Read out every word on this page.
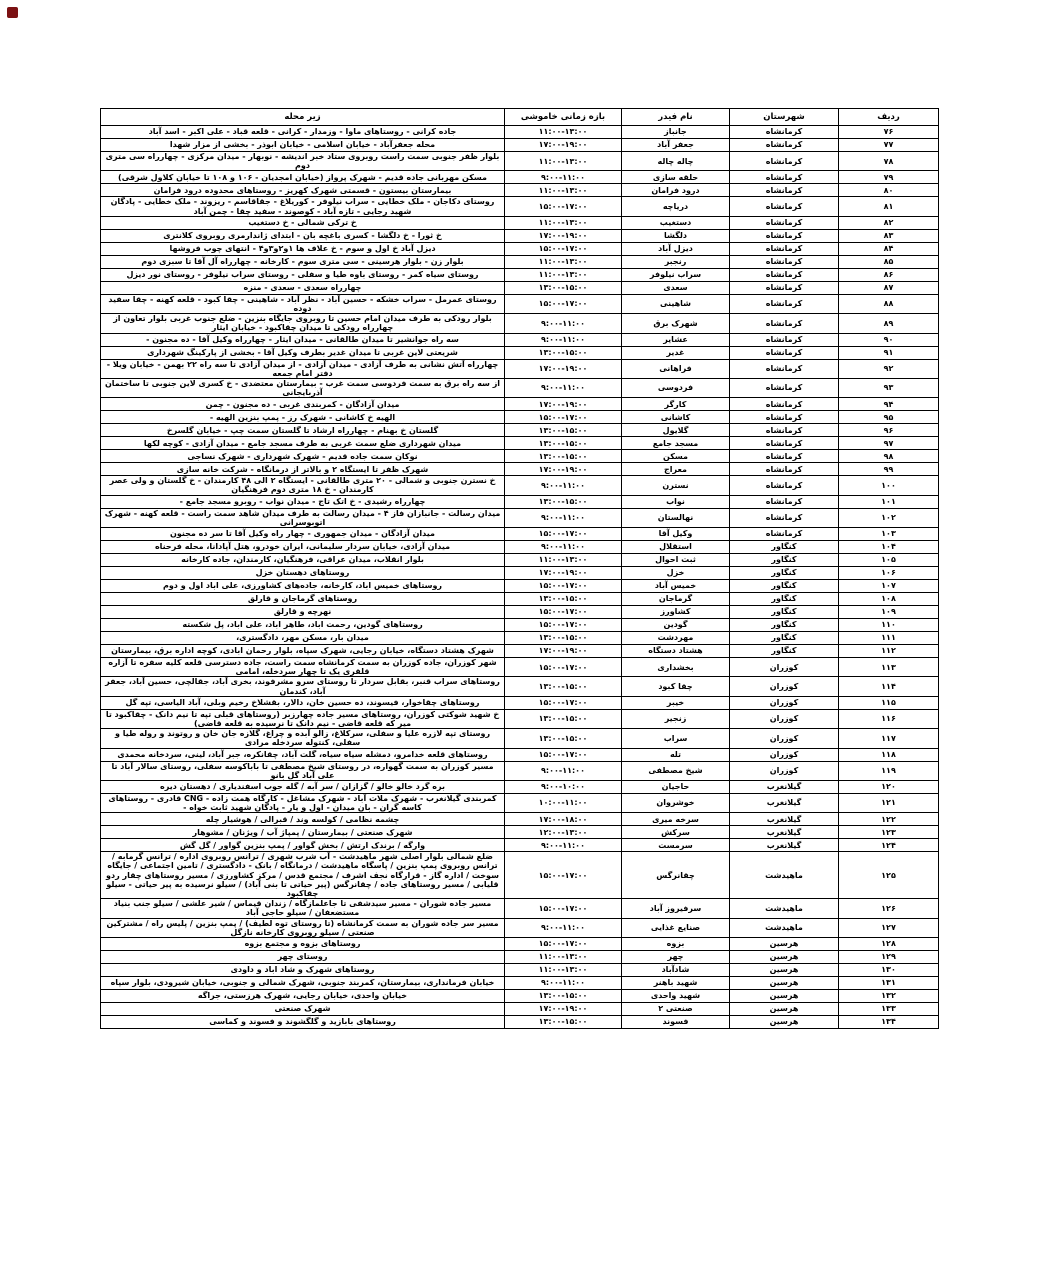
ردیف	شهرستان	نام فیدر	بازه زمانی خاموشی	زیر محله
۷۶	کرمانشاه	جانباز	۱۱:۰۰-۱۳:۰۰	جاده کرانی - روستاهای ماوا - وزمدار - کرانی - قلعه قباد - علی اکبر - اسد آباد
۷۷	کرمانشاه	جعفر آباد	۱۷:۰۰-۱۹:۰۰	محله جعفرآباد - خیابان اسلامی - خیابان ابوذر - بخشی از مزار شهدا
۷۸	کرمانشاه	چاله چاله	۱۱:۰۰-۱۳:۰۰	بلوار ظفر جنوبی سمت راست روبروی ستاد خبر اندیشه - نوبهار - میدان مرکزی - چهارراه سی متری دوم
۷۹	کرمانشاه	حلقه سازی	۹:۰۰-۱۱:۰۰	مسکن مهربانی جاده قدیم - شهرک پرواز (خیابان امجدیان - ۱۰۶ و ۱۰۸ تا خیابان کلاول شرقی)
۸۰	کرمانشاه	درود فرامان	۱۱:۰۰-۱۳:۰۰	بیمارستان بیستون - قسمتی شهرک کهریز - روستاهای محدوده درود فرامان
۸۱	کرمانشاه	دریاچه	۱۵:۰۰-۱۷:۰۰	روستای دکاجان - ملک خطایی - سراب نیلوفر - کوریلاغ - جقاقاسم - ریزوند - ملک خطایی - پادگان شهید رجایی - تازه آباد - کوصوند - سفید چقا - چمن آباد
۸۲	کرمانشاه	دستغیب	۱۱:۰۰-۱۳:۰۰	خ ترکی شمالی - خ دستغیب
۸۳	کرمانشاه	دلگشا	۱۷:۰۰-۱۹:۰۰	خ ثورا - خ دلگشا - کسری باغچه بان - ابتدای ژاندارمری روبروی کلانتری
۸۴	کرمانشاه	دیزل آباد	۱۵:۰۰-۱۷:۰۰	دیزل آباد خ اول و سوم - خ علاف ها ۱و۲و۳و۴ - انتهای چوب فروشها
۸۵	کرمانشاه	رنجبر	۱۱:۰۰-۱۳:۰۰	بلوار زن - بلوار هرسینی - سی متری سوم - کارخانه - چهارراه آل آقا تا سبزی دوم
۸۶	کرمانشاه	سراب نیلوفر	۱۱:۰۰-۱۳:۰۰	روستای سیاه کمر - روستای باوه طیا و سفلی - روستای سراب نیلوفر - روستای نور دیزل
۸۷	کرمانشاه	سعدی	۱۳:۰۰-۱۵:۰۰	چهارراه سعدی - سعدی - منزه
۸۸	کرمانشاه	شاهینی	۱۵:۰۰-۱۷:۰۰	روستای عمرمل - سراب خشکه - حسین آباد - نظر آباد - شاهینی - چقا کبود - قلعه کهنه - چقا سفید دوده
۸۹	کرمانشاه	شهرک برق	۹:۰۰-۱۱:۰۰	بلوار رودکی به طرف میدان امام حسین تا روبروی جایگاه بنزین - ضلع جنوب غربی بلوار تعاون از چهارراه رودکی تا میدان چقاکبود - خیابان ایثار
۹۰	کرمانشاه	عشایر	۹:۰۰-۱۱:۰۰	سه راه جوانشیر تا میدان طالقانی - میدان ایثار - چهارراه وکیل آقا - ده مجنون -
۹۱	کرمانشاه	غدیر	۱۳:۰۰-۱۵:۰۰	شریعتی لاین غربی تا میدان غدیر بطرف وکیل آقا - بخشی از پارکینگ شهرداری
۹۲	کرمانشاه	فراهانی	۱۷:۰۰-۱۹:۰۰	چهارراه آتش نشانی به طرف آزادی - میدان آزادی - از میدان آزادی تا سه راه ۲۲ بهمن - خیابان ویلا - دفتر امام جمعه
۹۳	کرمانشاه	فردوسی	۹:۰۰-۱۱:۰۰	از سه راه برق به سمت فردوسی سمت غرب - بیمارستان معتضدی - خ کسری لاین جنوبی تا ساختمان آذربایجانی
۹۴	کرمانشاه	کارگر	۱۷:۰۰-۱۹:۰۰	میدان آزادگان - کمربندی غربی - ده مجنون - چمن
۹۵	کرمانشاه	کاشانی	۱۵:۰۰-۱۷:۰۰	الهیه خ کاشانی - شهرک رز - پمپ بنزین الهیه -
۹۶	کرمانشاه	گلایول	۱۳:۰۰-۱۵:۰۰	گلستان خ بهنام - چهارراه ارشاد تا گلستان سمت چپ - خیابان گلسرخ
۹۷	کرمانشاه	مسجد جامع	۱۳:۰۰-۱۵:۰۰	میدان شهرداری ضلع سمت غربی به طرف مسجد جامع - میدان آزادی - کوچه لکها
۹۸	کرمانشاه	مسکن	۱۳:۰۰-۱۵:۰۰	نوکان سمت جاده قدیم - شهرک شهرداری - شهرک نساجی
۹۹	کرمانشاه	معراج	۱۷:۰۰-۱۹:۰۰	شهرک ظفر تا ایستگاه ۲ و بالاتر از درمانگاه - شرکت خانه سازی
۱۰۰	کرمانشاه	نسترن	۹:۰۰-۱۱:۰۰	خ نسترن جنوبی و شمالی - ۲۰ متری طالقانی - ایستگاه ۲ الی ۴۸ کارمندان - خ گلستان و ولی عصر کارمندان - خ ۱۸ متری دوم فرهنگیان
۱۰۱	کرمانشاه	نواب	۱۳:۰۰-۱۵:۰۰	چهارراه رشیدی - خ اتک تاج - میدان نواب - روبرو مسجد جامع -
۱۰۲	کرمانشاه	نهالستان	۹:۰۰-۱۱:۰۰	میدان رسالت - جانبازان فاز ۴ - میدان رسالت به طرف میدان شاهد سمت راست - قلعه کهنه - شهرک اتوبوسرانی
۱۰۳	کرمانشاه	وکیل آقا	۱۵:۰۰-۱۷:۰۰	میدان آزادگان - میدان جمهوری - چهار راه وکیل آقا تا سر ده مجنون
۱۰۴	کنگاور	استقلال	۹:۰۰-۱۱:۰۰	میدان آزادی، خیابان سردار سلیمانی، ایران خودرو، هتل آپادانا، محله فرحناه
۱۰۵	کنگاور	ثبت احوال	۱۱:۰۰-۱۳:۰۰	بلوار انقلاب، میدان عراقی، فرهنگیان، کارمندان، جاده کارخانه
۱۰۶	کنگاور	خزل	۱۷:۰۰-۱۹:۰۰	روستاهای دهستان خزل
۱۰۷	کنگاور	خمیس آباد	۱۵:۰۰-۱۷:۰۰	روستاهای خمیس اباد، کارخانه، جاده‌های کشاورزی، علی اباد اول و دوم
۱۰۸	کنگاور	گرماجان	۱۳:۰۰-۱۵:۰۰	روستاهای گرماجان و قارلق
۱۰۹	کنگاور	کشاورز	۱۵:۰۰-۱۷:۰۰	نهرچه و قارلق
۱۱۰	کنگاور	گودین	۱۵:۰۰-۱۷:۰۰	روستاهای گودین، رحمت اباد، طاهر اباد، علی اباد، پل شکسته
۱۱۱	کنگاور	مهردشت	۱۳:۰۰-۱۵:۰۰	میدان بار، مسکن مهر، دادگستری،
۱۱۲	کنگاور	هشتاد دستگاه	۱۷:۰۰-۱۹:۰۰	شهرک هشتاد دستگاه، خیابان رجایی، شهرک سپاه، بلوار رحمان ابادی، کوچه اداره برق، بیمارستان
۱۱۳	کوزران	بخشداری	۱۵:۰۰-۱۷:۰۰	شهر کوزران، جاده کوزران به سمت کرمانشاه سمت راست، جاده دسترسی قلعه کلیه سفره تا آزاره قلقری یک تا چهار سردخله، امامی
۱۱۴	کوزران	چقا کبود	۱۳:۰۰-۱۵:۰۰	روستاهای سراب قنبر، بقابل سردار تا روستای سرو مشرفوند، بخری آباد، جقالچی، حسین آباد، جعفر آباد، کندمان
۱۱۵	کوزران	خیبر	۱۵:۰۰-۱۷:۰۰	روستاهای چقاخوار، فیسوند، ده حسین خان، دالار، بقشلاخ رخیم وبلی، آباد الیاسی، تپه گل
۱۱۶	کوزران	زنجیر	۱۳:۰۰-۱۵:۰۰	خ شهید شوکتی کوزران، روستاهای مسیر جاده چهارزبر (روستاهای قبلی تپه تا نیم دانک - چقاکبود تا میر که قلعه قاضی - نیم دانک تا نرسیده به قلعه قاضی)
۱۱۷	کوزران	سراب	۱۳:۰۰-۱۵:۰۰	روستای تپه لازره علیا و سفلی، سرکلاغ، زالو آبده و چراغ، گلازه جان خان و روتوند و روله طیا و سفلی، کنتوله سردخله مرادی
۱۱۸	کوزران	تله	۱۵:۰۰-۱۷:۰۰	روستاهای قلعه خدامرو، دمشله سیاه سیاه، گلت آباد، چقانکره، جبر آباد، لینی، سردخانه محمدی
۱۱۹	کوزران	شیخ مصطفی	۹:۰۰-۱۱:۰۰	مسیر کوزران به سمت گهواره، در روستای شیخ مصطفی تا باباکوسه سفلی، روستای سالار آباد تا علی آباد گل بانو
۱۲۰	گیلانغرب	حاجیان	۹:۰۰-۱۰:۰۰	بره گرد خالو خالو / گزازان / سر آبه / گله جوب اسفندیاری / دهستان دیره
۱۲۱	گیلانغرب	خوشروان	۱۰:۰۰-۱۱:۰۰	کمربندی گیلانغرب - شهرک ملات آباد - شهرک مشاغل - کارگاه همت زاده - CNG قادری - روستاهای کاسه گران - بان میدان - اول و یار - پادگان شهید ثابت خواه -
۱۲۲	گیلانغرب	سرخه میری	۱۷:۰۰-۱۸:۰۰	چشمه نظامی / کولسه وند / قبرالی / هوشیار چله
۱۲۳	گیلانغرب	سرکش	۱۲:۰۰-۱۳:۰۰	شهرک صنعتی / بیمارستان / پمپاژ آب / ویژنان / مشوهار
۱۲۴	گیلانغرب	سرمست	۹:۰۰-۱۱:۰۰	وارگه / برندک ارتش / بخش گواور / پمپ بنزین گواور / گل گش
۱۲۵	ماهیدشت	چقانرگس	۱۵:۰۰-۱۷:۰۰	ضلع شمالی بلوار اصلی شهر ماهیدشت - آب شرب شهری / ترانس روبروی اداره / ترانس گرمابه / ترانس روبروی پمپ بنزین / پاسگاه ماهیدشت / درمانگاه / بانک - دادگستری / تامین اجتماعی / جایگاه سوخت / اداره گاز - قرارگاه نجف اشرف / مجتمع قدس / مرکز کشاورزی / مسیر روستاهای چقار ردو قلیابی / مسیر روستاهای جاده / چقانرگس (پیر حیاتی تا بنی آباد) / سیلو نرسیده به پیر حیاتی - سیلو چقاکبود
۱۲۶	ماهیدشت	سرفیروز آباد	۱۵:۰۰-۱۷:۰۰	مسیر جاده شوران - مسیر سیدشفی تا جاعلمازگاه / زندان قیماس / شیر علشی / سیلو جنب بنیاد مستضعفان / سیلو حاجی آباد
۱۲۷	ماهیدشت	صنایع غذایی	۹:۰۰-۱۱:۰۰	مسیر سر جاده شوران به سمت کرمانشاه (تا روستای توه لطیف) / پمپ بنزین / پلیس راه / مشترکین صنعتی / سیلو روبروی کارخانه نازگل
۱۲۸	هرسین	بزوه	۱۵:۰۰-۱۷:۰۰	روستاهای بزوه و مجتمع بزوه
۱۲۹	هرسین	چهر	۱۱:۰۰-۱۳:۰۰	روستای چهر
۱۳۰	هرسین	شادآباد	۱۱:۰۰-۱۳:۰۰	روستاهای شهرک و شاد اباد و داودی
۱۳۱	هرسین	شهید باهنر	۹:۰۰-۱۱:۰۰	خیابان فرمانداری، بیمارستان، کمربند جنوبی، شهرک شمالی و جنوبی، خیابان شیرودی، بلوار سپاه
۱۳۲	هرسین	شهید واحدی	۱۳:۰۰-۱۵:۰۰	خیابان واحدی، خیابان رجایی، شهرک هرزستی، جراگه
۱۳۳	هرسین	صنعتی ۲	۱۷:۰۰-۱۹:۰۰	شهرک صنعتی
۱۳۴	هرسین	فسوند	۱۳:۰۰-۱۵:۰۰	روستاهای بابازید و گلگشوند و فسوند و کماسی
